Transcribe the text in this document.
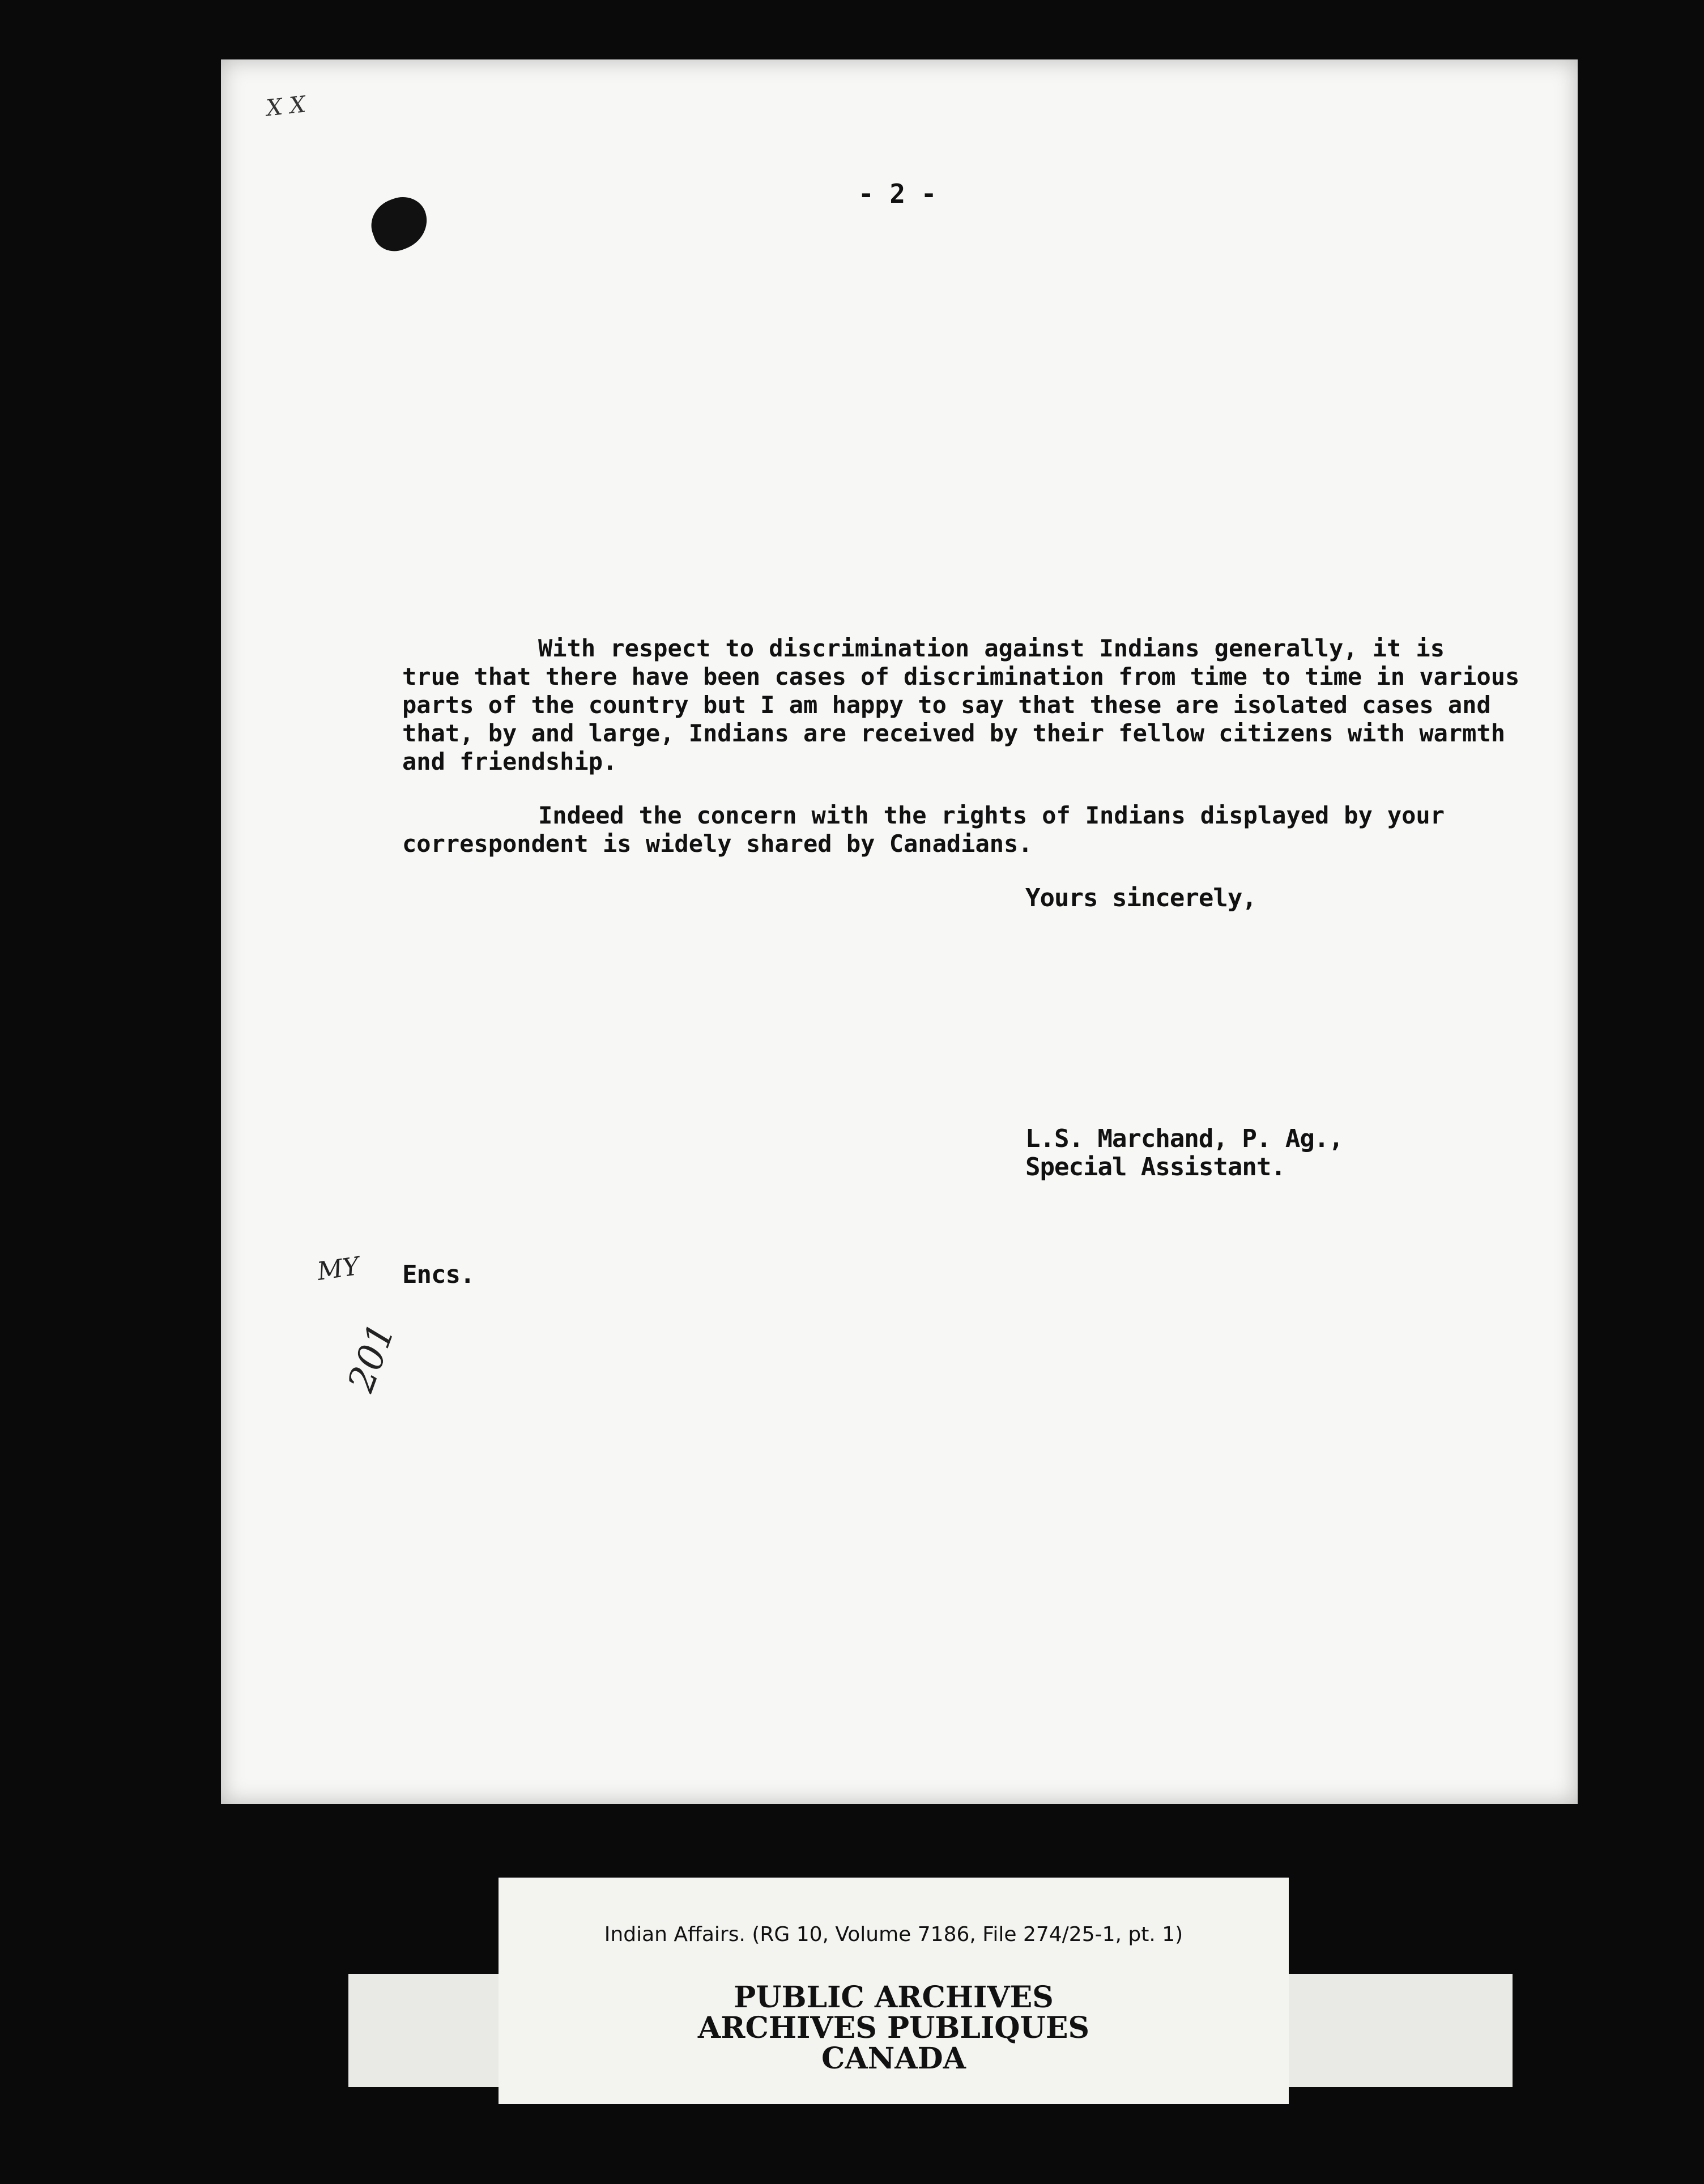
X X
- 2 -
With respect to discrimination against Indians generally, it is
true that there have been cases of discrimination from time to time in various
parts of the country but I am happy to say that these are isolated cases and
that, by and large, Indians are received by their fellow citizens with warmth
and friendship.
Indeed the concern with the rights of Indians displayed by your
correspondent is widely shared by Canadians.
Yours sincerely,
L.S. Marchand, P. Ag.,
Special Assistant.
MY Encs.
201
Indian Affairs. (RG 10, Volume 7186, File 274/25-1, pt. 1)
PUBLIC ARCHIVES
ARCHIVES PUBLIQUES
CANADA
